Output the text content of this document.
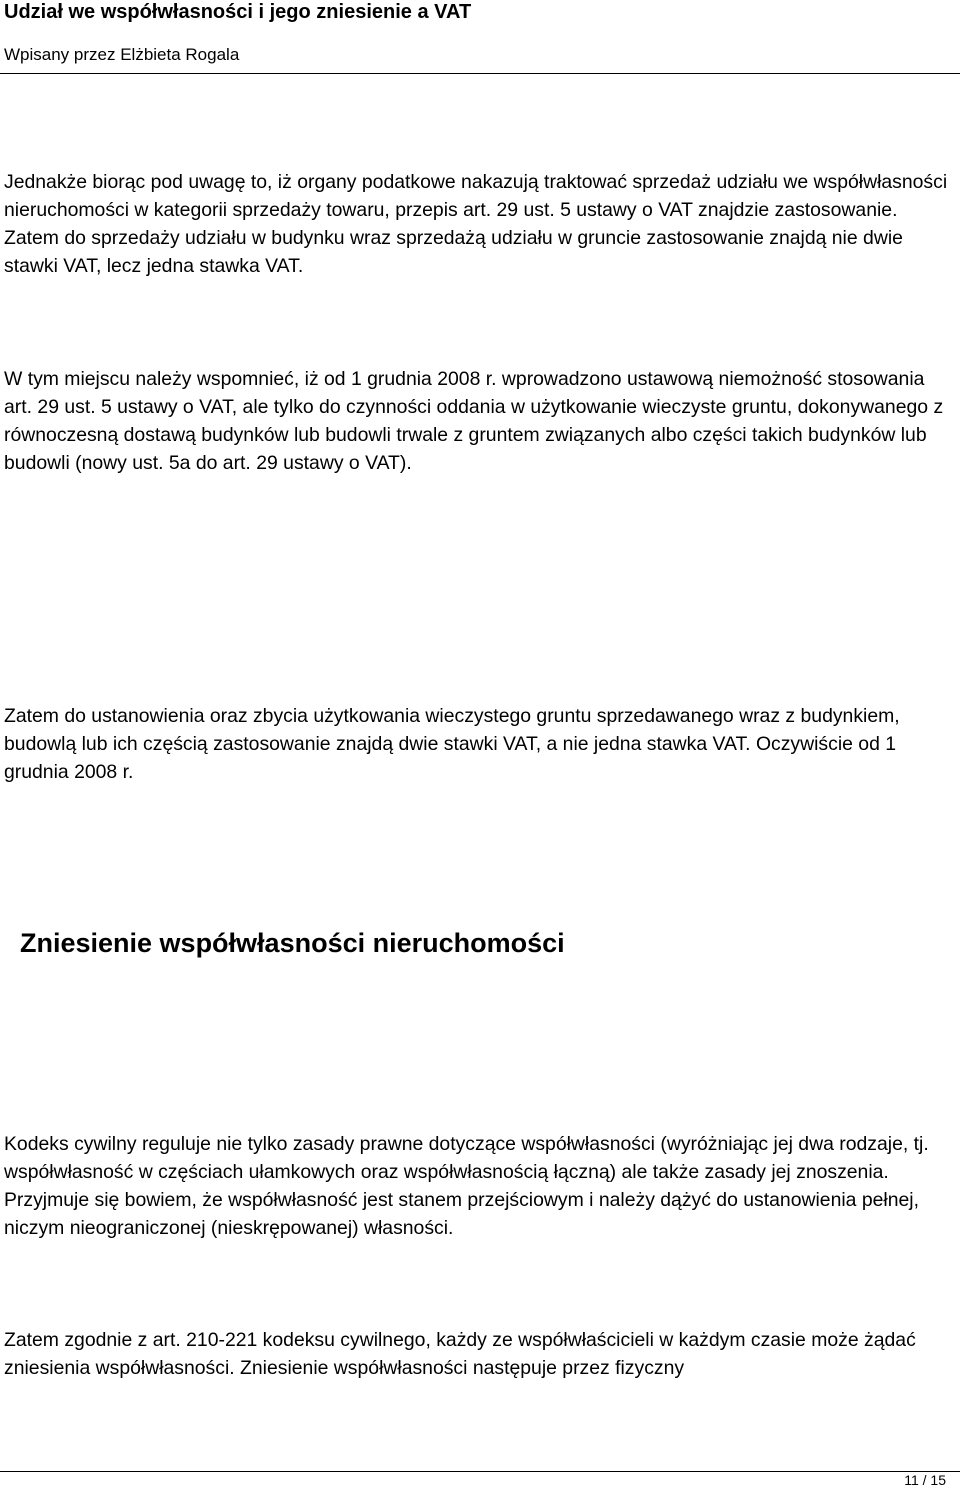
Udział we współwłasności i jego zniesienie a VAT
Wpisany przez Elżbieta Rogala

Jednakże biorąc pod uwagę to, iż organy podatkowe nakazują traktować sprzedaż udziału we współwłasności nieruchomości w kategorii sprzedaży towaru, przepis art. 29 ust. 5 ustawy o VAT znajdzie zastosowanie. Zatem do sprzedaży udziału w budynku wraz sprzedażą udziału w gruncie zastosowanie znajdą nie dwie stawki VAT, lecz jedna stawka VAT.

W tym miejscu należy wspomnieć, iż od 1 grudnia 2008 r. wprowadzono ustawową niemożność stosowania art. 29 ust. 5 ustawy o VAT, ale tylko do czynności oddania w użytkowanie wieczyste gruntu, dokonywanego z równoczesną dostawą budynków lub budowli trwale z gruntem związanych albo części takich budynków lub budowli (nowy ust. 5a do art. 29 ustawy o VAT).

Zatem do ustanowienia oraz zbycia użytkowania wieczystego gruntu sprzedawanego wraz z budynkiem, budowlą lub ich częścią zastosowanie znajdą dwie stawki VAT, a nie jedna stawka VAT. Oczywiście od 1 grudnia 2008 r.

Zniesienie współwłasności nieruchomości

Kodeks cywilny reguluje nie tylko zasady prawne dotyczące współwłasności (wyróżniając jej dwa rodzaje, tj. współwłasność w częściach ułamkowych oraz współwłasnością łączną) ale także zasady jej znoszenia. Przyjmuje się bowiem, że współwłasność jest stanem przejściowym i należy dążyć do ustanowienia pełnej, niczym nieograniczonej (nieskrępowanej) własności.

Zatem zgodnie z art. 210-221 kodeksu cywilnego, każdy ze współwłaścicieli w każdym czasie może żądać zniesienia współwłasności. Zniesienie współwłasności następuje przez fizyczny

11 / 15
